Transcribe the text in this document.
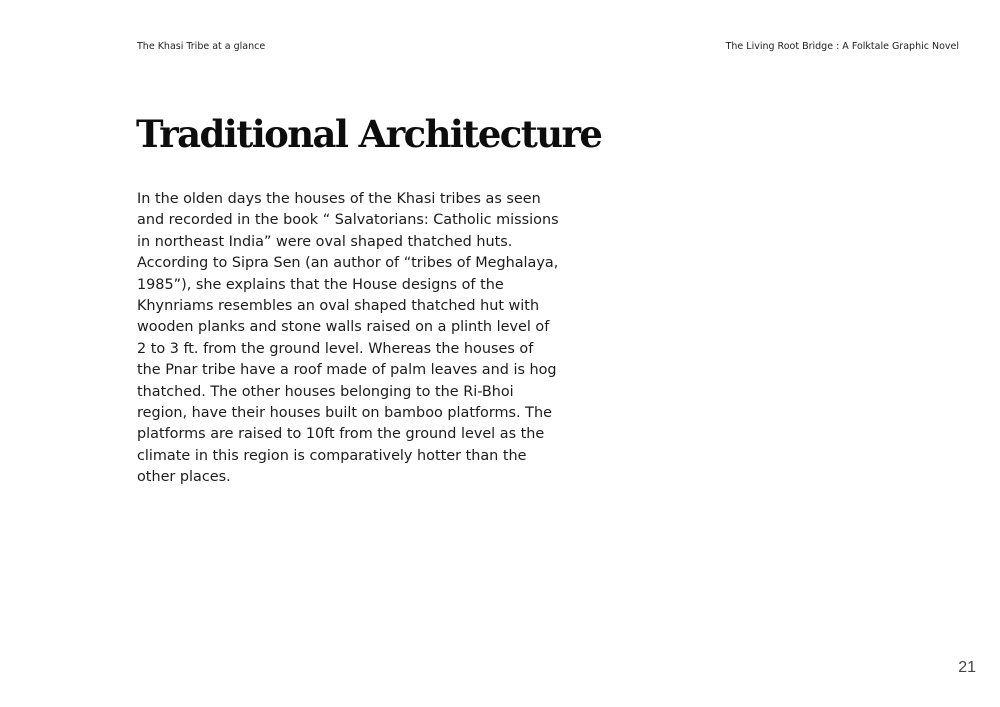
The Khasi Tribe at a glance	The Living Root Bridge : A Folktale Graphic Novel
Traditional Architecture

In the olden days the houses of the Khasi tribes as seen
and recorded in the book “ Salvatorians: Catholic missions
in northeast India” were oval shaped thatched huts.
According to Sipra Sen (an author of “tribes of Meghalaya,
1985”), she explains that the House designs of the
Khynriams resembles an oval shaped thatched hut with
wooden planks and stone walls raised on a plinth level of
2 to 3 ft. from the ground level. Whereas the houses of
the Pnar tribe have a roof made of palm leaves and is hog
thatched. The other houses belonging to the Ri-Bhoi
region, have their houses built on bamboo platforms. The
platforms are raised to 10ft from the ground level as the
climate in this region is comparatively hotter than the
other places.

21
